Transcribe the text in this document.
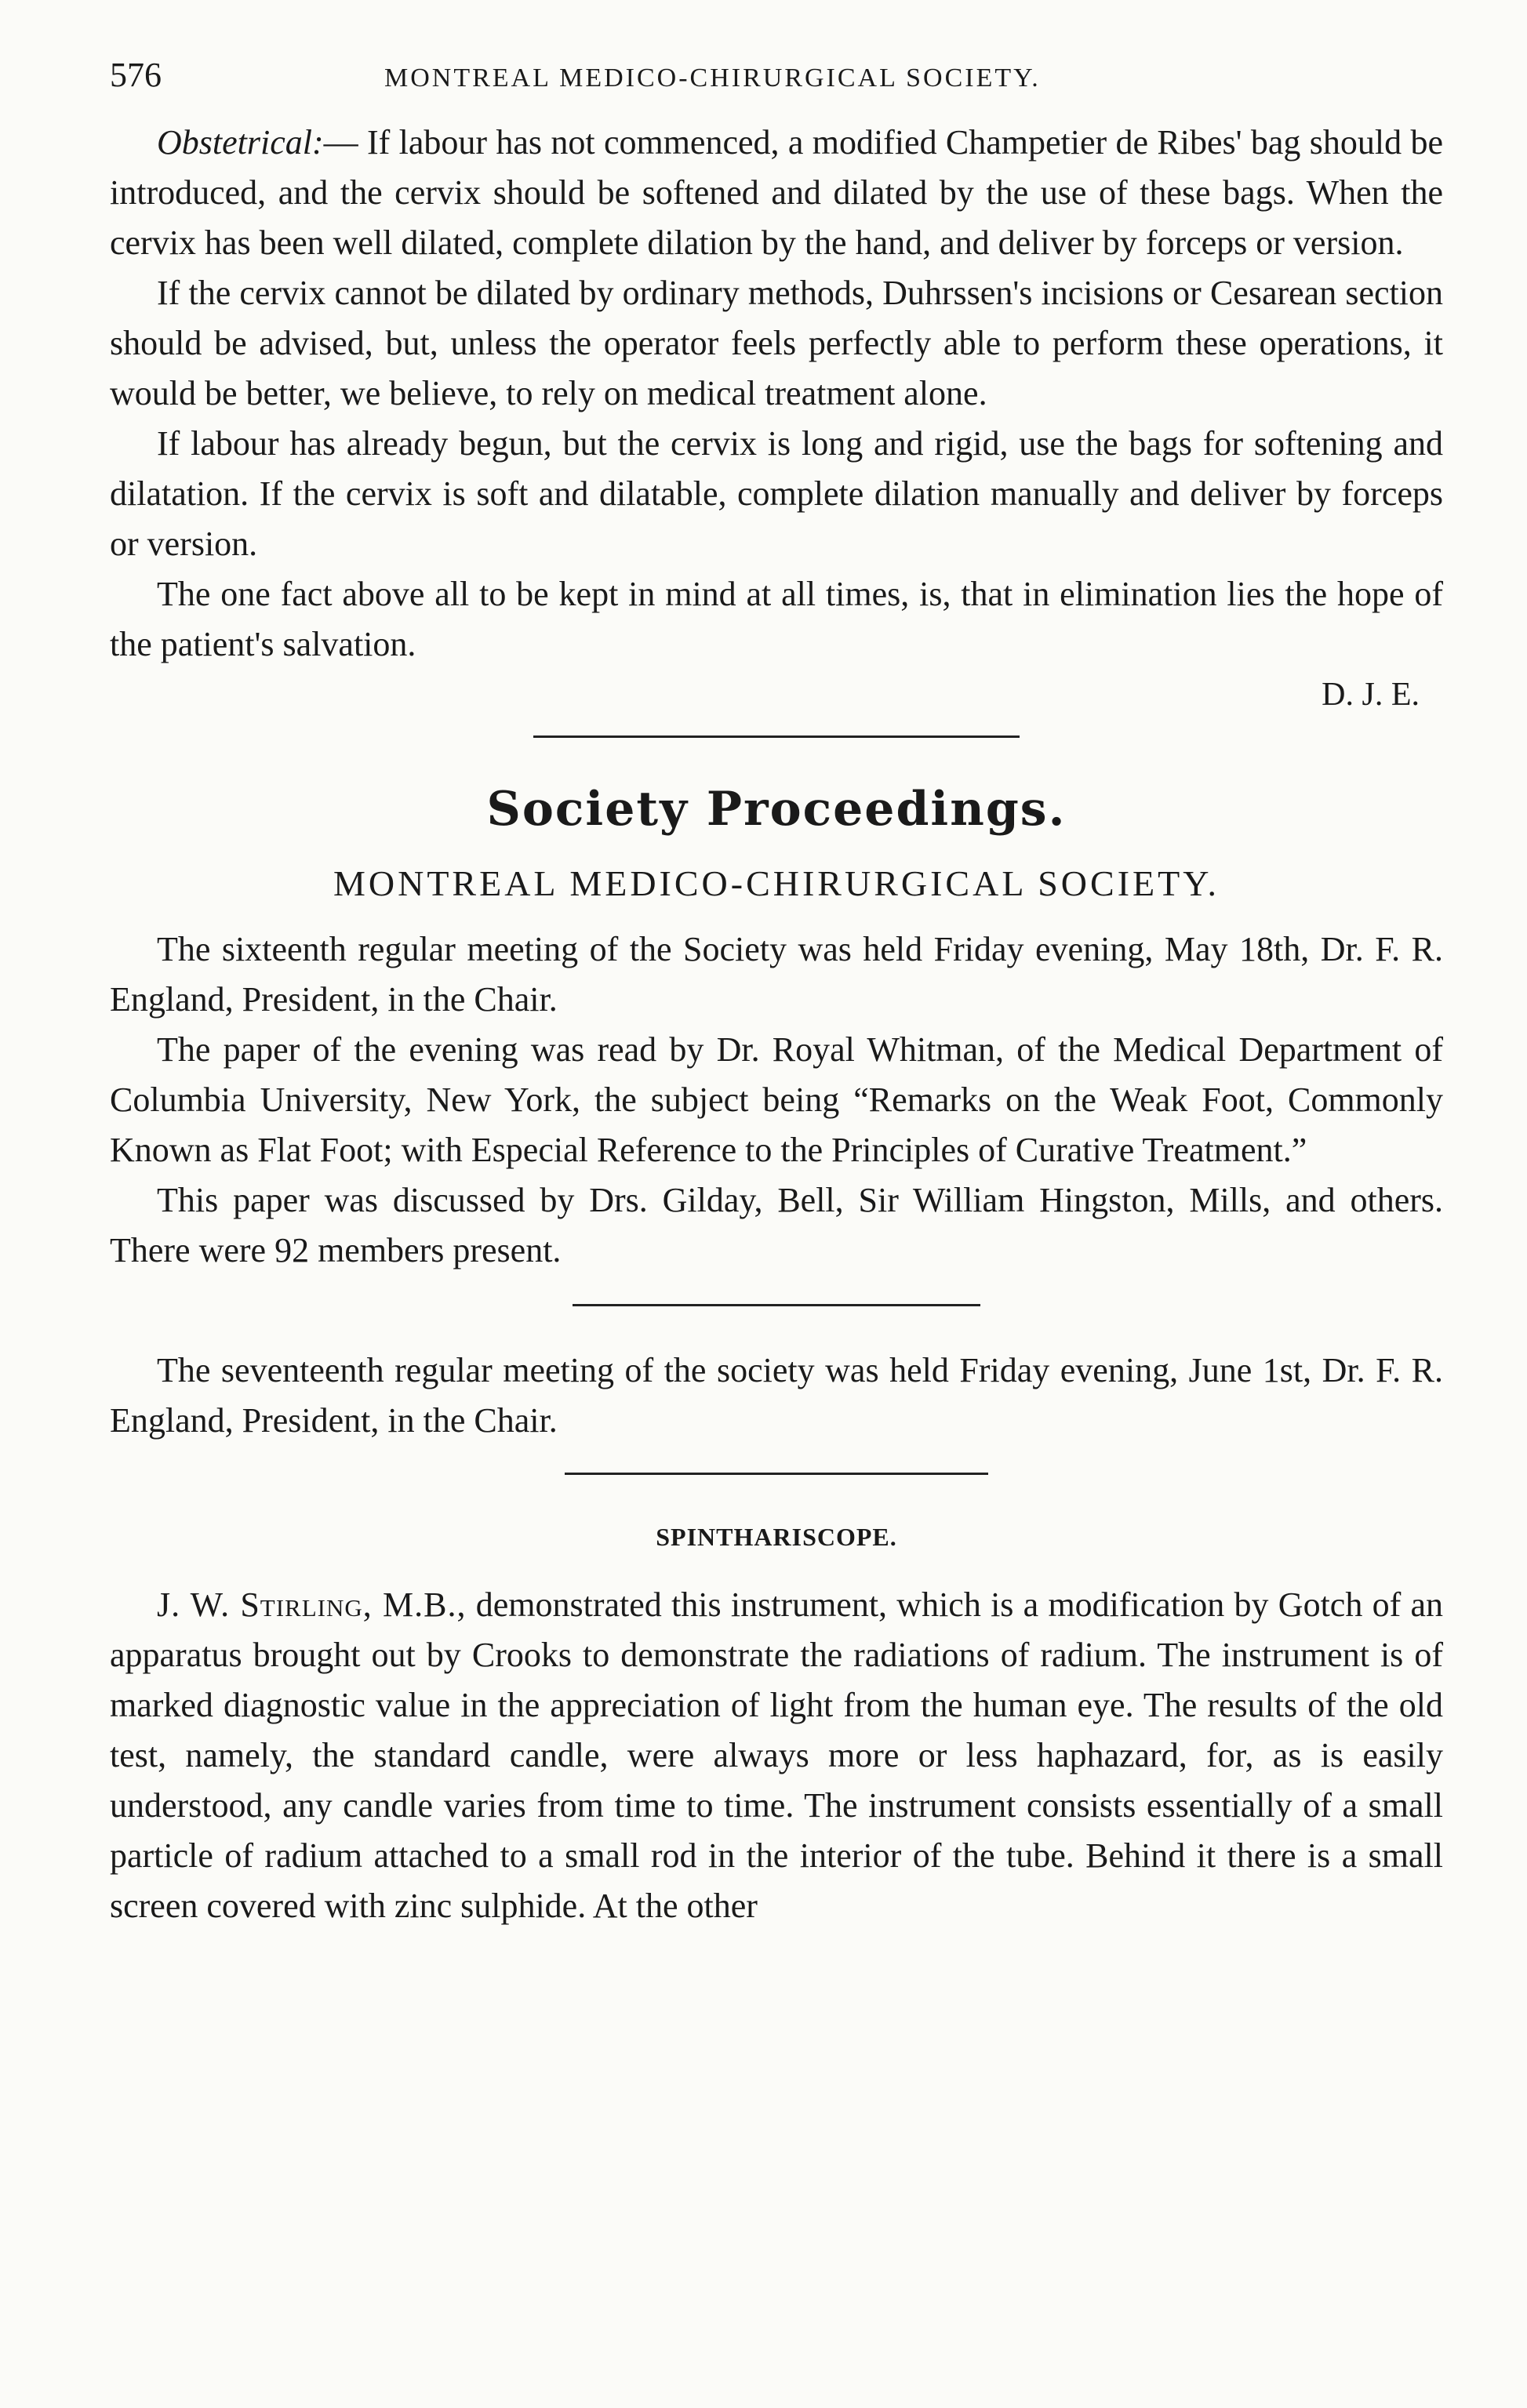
576	MONTREAL MEDICO-CHIRURGICAL SOCIETY.

Obstetrical:— If labour has not commenced, a modified Champetier de Ribes' bag should be introduced, and the cervix should be softened and dilated by the use of these bags. When the cervix has been well dilated, complete dilation by the hand, and deliver by forceps or version.

If the cervix cannot be dilated by ordinary methods, Duhrssen's incisions or Cesarean section should be advised, but, unless the operator feels perfectly able to perform these operations, it would be better, we believe, to rely on medical treatment alone.

If labour has already begun, but the cervix is long and rigid, use the bags for softening and dilatation. If the cervix is soft and dilatable, complete dilation manually and deliver by forceps or version.

The one fact above all to be kept in mind at all times, is, that in elimination lies the hope of the patient's salvation.

D. J. E.
Society Proceedings.
MONTREAL MEDICO-CHIRURGICAL SOCIETY.

The sixteenth regular meeting of the Society was held Friday evening, May 18th, Dr. F. R. England, President, in the Chair.

The paper of the evening was read by Dr. Royal Whitman, of the Medical Department of Columbia University, New York, the subject being “Remarks on the Weak Foot, Commonly Known as Flat Foot; with Especial Reference to the Principles of Curative Treatment.”

This paper was discussed by Drs. Gilday, Bell, Sir William Hingston, Mills, and others. There were 92 members present.

The seventeenth regular meeting of the society was held Friday evening, June 1st, Dr. F. R. England, President, in the Chair.

SPINTHARISCOPE.

J. W. Stirling, M.B., demonstrated this instrument, which is a modification by Gotch of an apparatus brought out by Crooks to demonstrate the radiations of radium. The instrument is of marked diagnostic value in the appreciation of light from the human eye. The results of the old test, namely, the standard candle, were always more or less haphazard, for, as is easily understood, any candle varies from time to time. The instrument consists essentially of a small particle of radium attached to a small rod in the interior of the tube. Behind it there is a small screen covered with zinc sulphide. At the other
